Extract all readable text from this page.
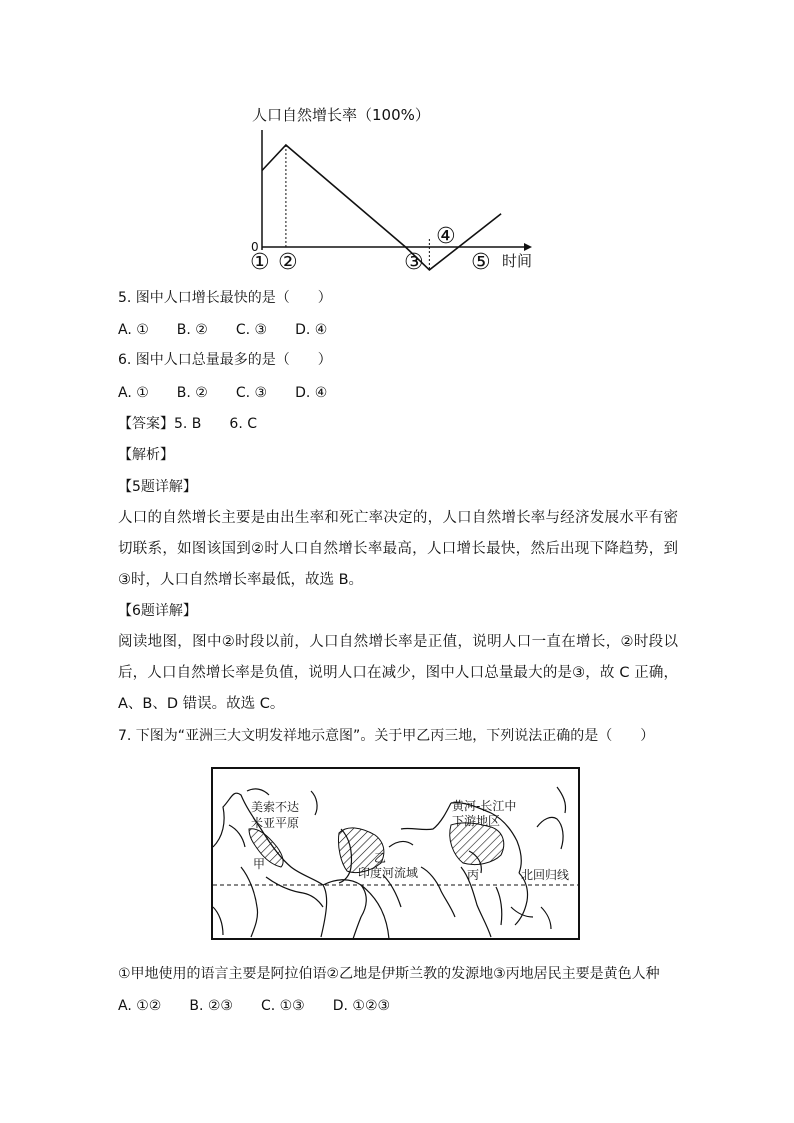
人口自然增长率（100%）
0
时间
① ②	③
④
⑤
5. 图中人口增长最快的是（　　）
A. ① B. ② C. ③ D. ④
6. 图中人口总量最多的是（　　）
A. ① B. ② C. ③ D. ④
【答案】5. B　　6. C
【解析】
【5题详解】
人口的自然增长主要是由出生率和死亡率决定的，人口自然增长率与经济发展水平有密切联系，如图该国到②时人口自然增长率最高，人口增长最快，然后出现下降趋势，到③时，人口自然增长率最低，故选 B。
【6题详解】
阅读地图，图中②时段以前，人口自然增长率是正值，说明人口一直在增长，②时段以后，人口自然增长率是负值，说明人口在减少，图中人口总量最大的是③，故 C 正确，A、B、D 错误。故选 C。
7. 下图为“亚洲三大文明发祥地示意图”。关于甲乙丙三地，下列说法正确的是（　　）
美索不达
米亚平原
甲	乙
印度河流域
黄河-长江中
下游地区
丙	北回归线
①甲地使用的语言主要是阿拉伯语②乙地是伊斯兰教的发源地③丙地居民主要是黄色人种
A. ①② B. ②③ C. ①③ D. ①②③
